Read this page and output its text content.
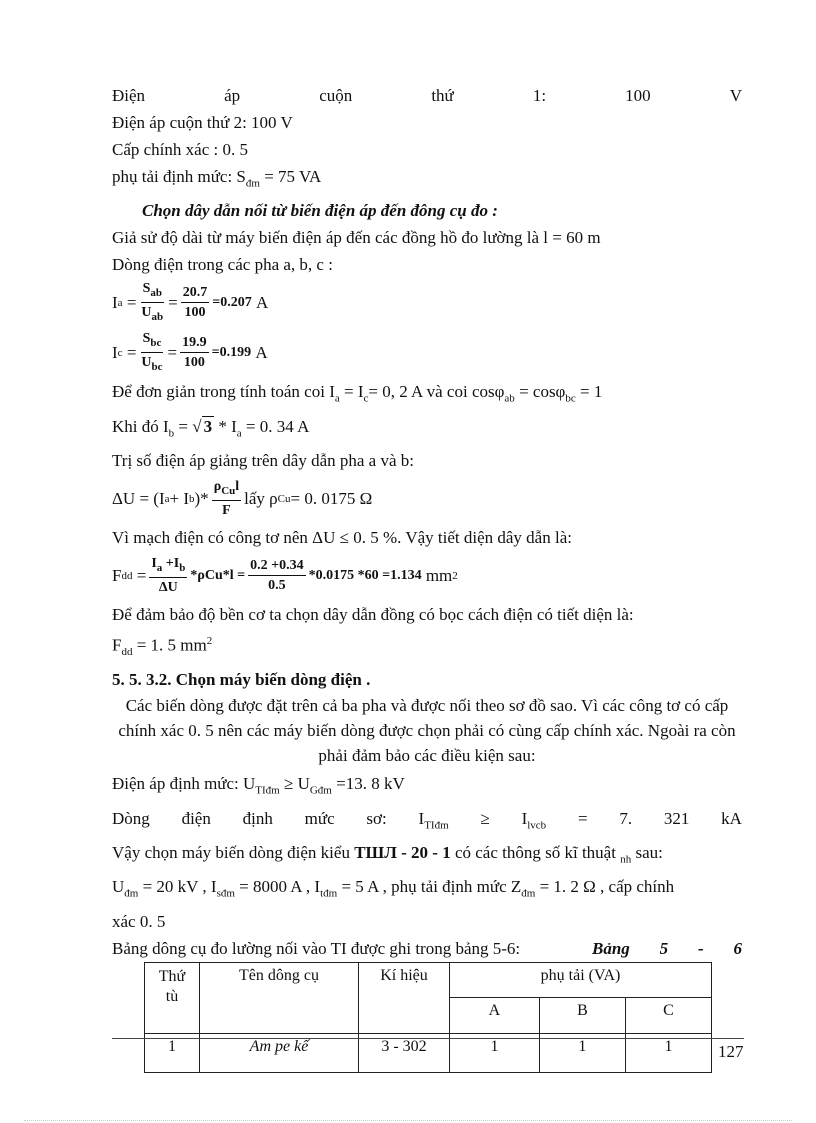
Điện	áp	cuộn	thứ	1:	100	V
Điện áp cuộn thứ 2: 100 V
Cấp chính xác : 0. 5
phụ tải định mức: $S_{đm} = 75$ VA
Chọn dây dẫn nối từ biến điện áp đến đông cụ đo :
Giả sử độ dài từ máy biến điện áp đến các đồng hồ đo lường là l = 60 m
Dòng điện trong các pha a, b, c :
I $a = \frac{S_{ab}}{U_{ab}} = \frac{20.7}{100} =0.207$
A
I $c = \frac{S_{bc}}{U_{bc}} = \frac{19.9}{100} =0.199$
A
Để đơn giản trong tính toán coi $I_a = I_c= 0$, 2 A và coi cosφ$_{ab}$ = cosφ$_{bc}$ = 1
Khi đó $I_b$ = √ $3 * I_a = 0$. 34 A
Trị số điện áp giảng trên dây dẫn pha a và b:
ΔU = (I a + I b )* $\frac{\rho_{Cu}l}{F}$ lấy ρ Cu = 0. 0175 Ω
Vì mạch điện có công tơ nên ΔU ≤ 0. 5 %. Vậy tiết diện dây dẫn là:
F dd = $\frac{I_a +I_b}{\Delta U} *\rho$ Cu $*l = \frac{0.2 +0.34}{0.5} *0.0175$ *60 =1.134
mm 2
Để đảm bảo độ bền cơ ta chọn dây dẫn đồng có bọc cách điện có tiết diện là:
$F_{dd} = 1$. 5 $mm^2$
5. 5. 3.2. Chọn máy biến dòng điện .
Các biến dòng được đặt trên cả ba pha và được nối theo sơ đồ sao. Vì các công tơ có cấp chính xác 0. 5 nên các máy biến dòng được chọn phải có cùng cấp chính xác. Ngoài ra còn phải đảm bảo các điều kiện sau:
Điện áp định mức: $U_{TIđm} \ge U_{Gđm} =13$. 8 kV
Dòng điện định mức sơ: $I_{TIđm} \ge I_{lvcb} = 7$. 321 kA
Vậy chọn máy biến dòng điện kiểu TШЛ - 20 - 1 có các thông số kĩ thuật $_{nh}$ sau:
$U_{đm} = 20$ kV , $I_{sđm} = 8000$ A , $I_{tđm} = 5$ A , phụ tải định mức $Z_{đm} = 1$. 2 Ω , cấp chính
xác 0. 5
Bảng dông cụ đo lường nối vào TI được ghi trong bảng 5-6:	Bảng 5 - 6
Thứ
tù	Tên dông cụ	Kí hiệu	phụ tải (VA)		
			A	B	C
1	Am pe kế	3 - 302	1	1	1	127
